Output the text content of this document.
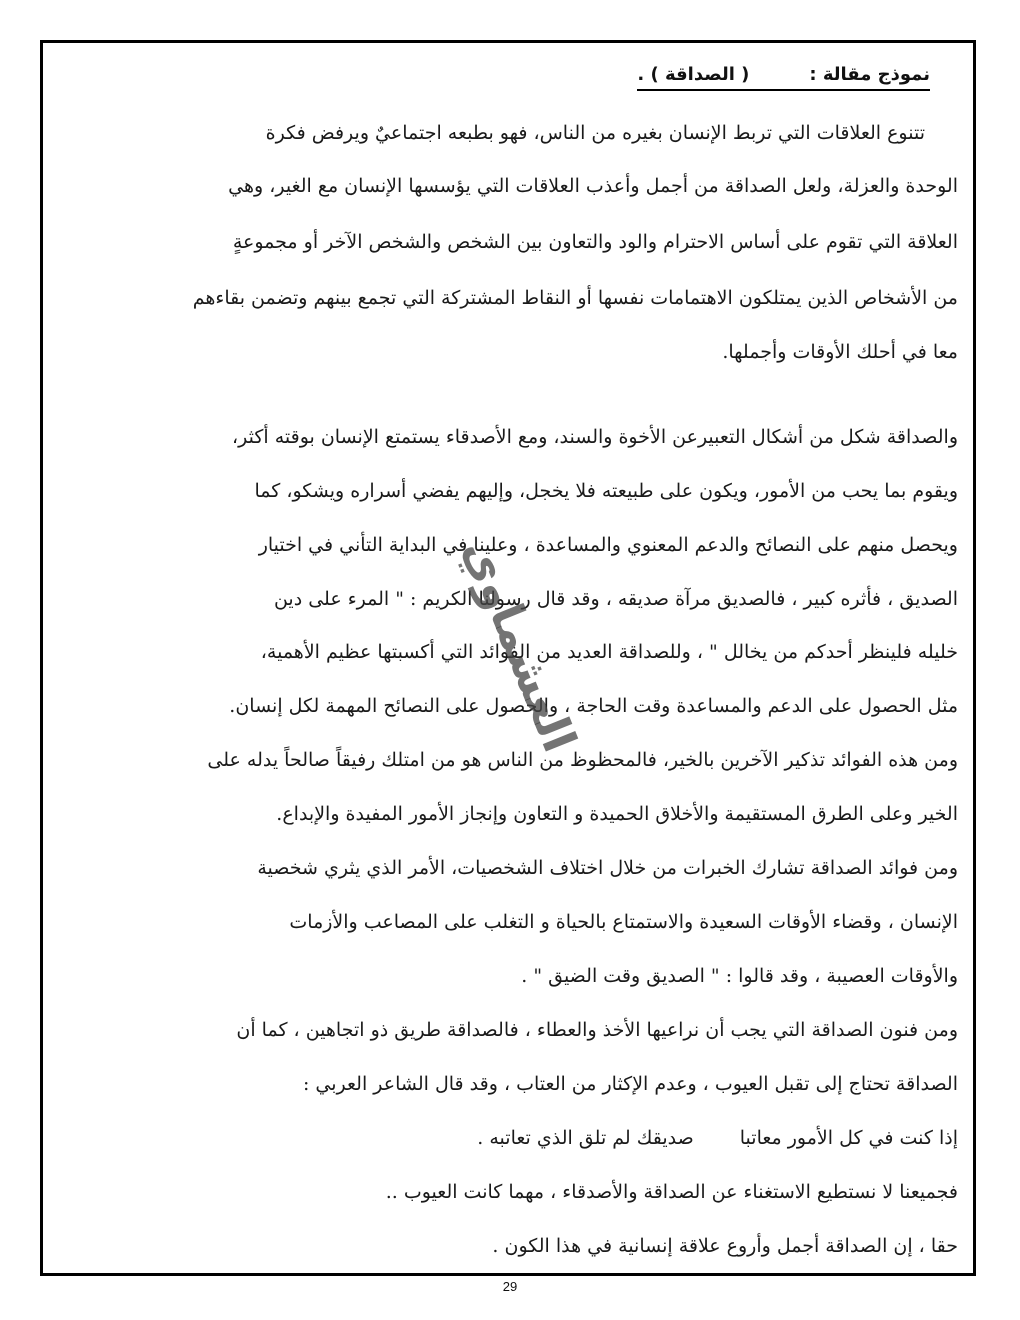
نموذج مقالة :( الصداقة ) .
تتنوع العلاقات التي تربط الإنسان بغيره من الناس، فهو بطبعه اجتماعيٌ ويرفض فكرة
الوحدة والعزلة، ولعل الصداقة من أجمل وأعذب العلاقات التي يؤسسها الإنسان مع الغير، وهي
العلاقة التي تقوم على أساس الاحترام والود والتعاون بين الشخص والشخص الآخر أو مجموعةٍ
من الأشخاص الذين يمتلكون الاهتمامات نفسها أو النقاط المشتركة التي تجمع بينهم وتضمن بقاءهم
معا في أحلك الأوقات وأجملها.
والصداقة شكل من أشكال التعبيرعن الأخوة والسند، ومع الأصدقاء يستمتع الإنسان بوقته أكثر،
ويقوم بما يحب من الأمور، ويكون على طبيعته فلا يخجل، وإليهم يفضي أسراره ويشكو، كما
ويحصل منهم على النصائح والدعم المعنوي والمساعدة ، وعلينا في البداية التأني في اختيار
الصديق ، فأثره كبير ، فالصديق مرآة صديقه ، وقد قال رسولنا الكريم : " المرء على دين
خليله فلينظر أحدكم من يخالل " ، وللصداقة العديد من الفوائد التي أكسبتها عظيم الأهمية،
مثل الحصول على الدعم والمساعدة وقت الحاجة ، والحصول على النصائح المهمة لكل إنسان.
ومن هذه الفوائد تذكير الآخرين بالخير، فالمحظوظ من الناس هو من امتلك رفيقاً صالحاً يدله على
الخير وعلى الطرق المستقيمة والأخلاق الحميدة و التعاون وإنجاز الأمور المفيدة والإبداع.
ومن فوائد الصداقة تشارك الخبرات من خلال اختلاف الشخصيات، الأمر الذي يثري شخصية
الإنسان ، وقضاء الأوقات السعيدة والاستمتاع بالحياة و التغلب على المصاعب والأزمات
والأوقات العصيبة ، وقد قالوا : " الصديق وقت الضيق " .
ومن فنون الصداقة التي يجب أن نراعيها الأخذ والعطاء ، فالصداقة طريق ذو اتجاهين ، كما أن
الصداقة تحتاج إلى تقبل العيوب ، وعدم الإكثار من العتاب ، وقد قال الشاعر العربي :
إذا كنت في كل الأمور معاتباصديقك لم تلق الذي تعاتبه .
فجميعنا لا نستطيع الاستغناء عن الصداقة والأصدقاء ، مهما كانت العيوب ..
حقا ، إن الصداقة أجمل وأروع علاقة إنسانية في هذا الكون .
العشماوي
29
